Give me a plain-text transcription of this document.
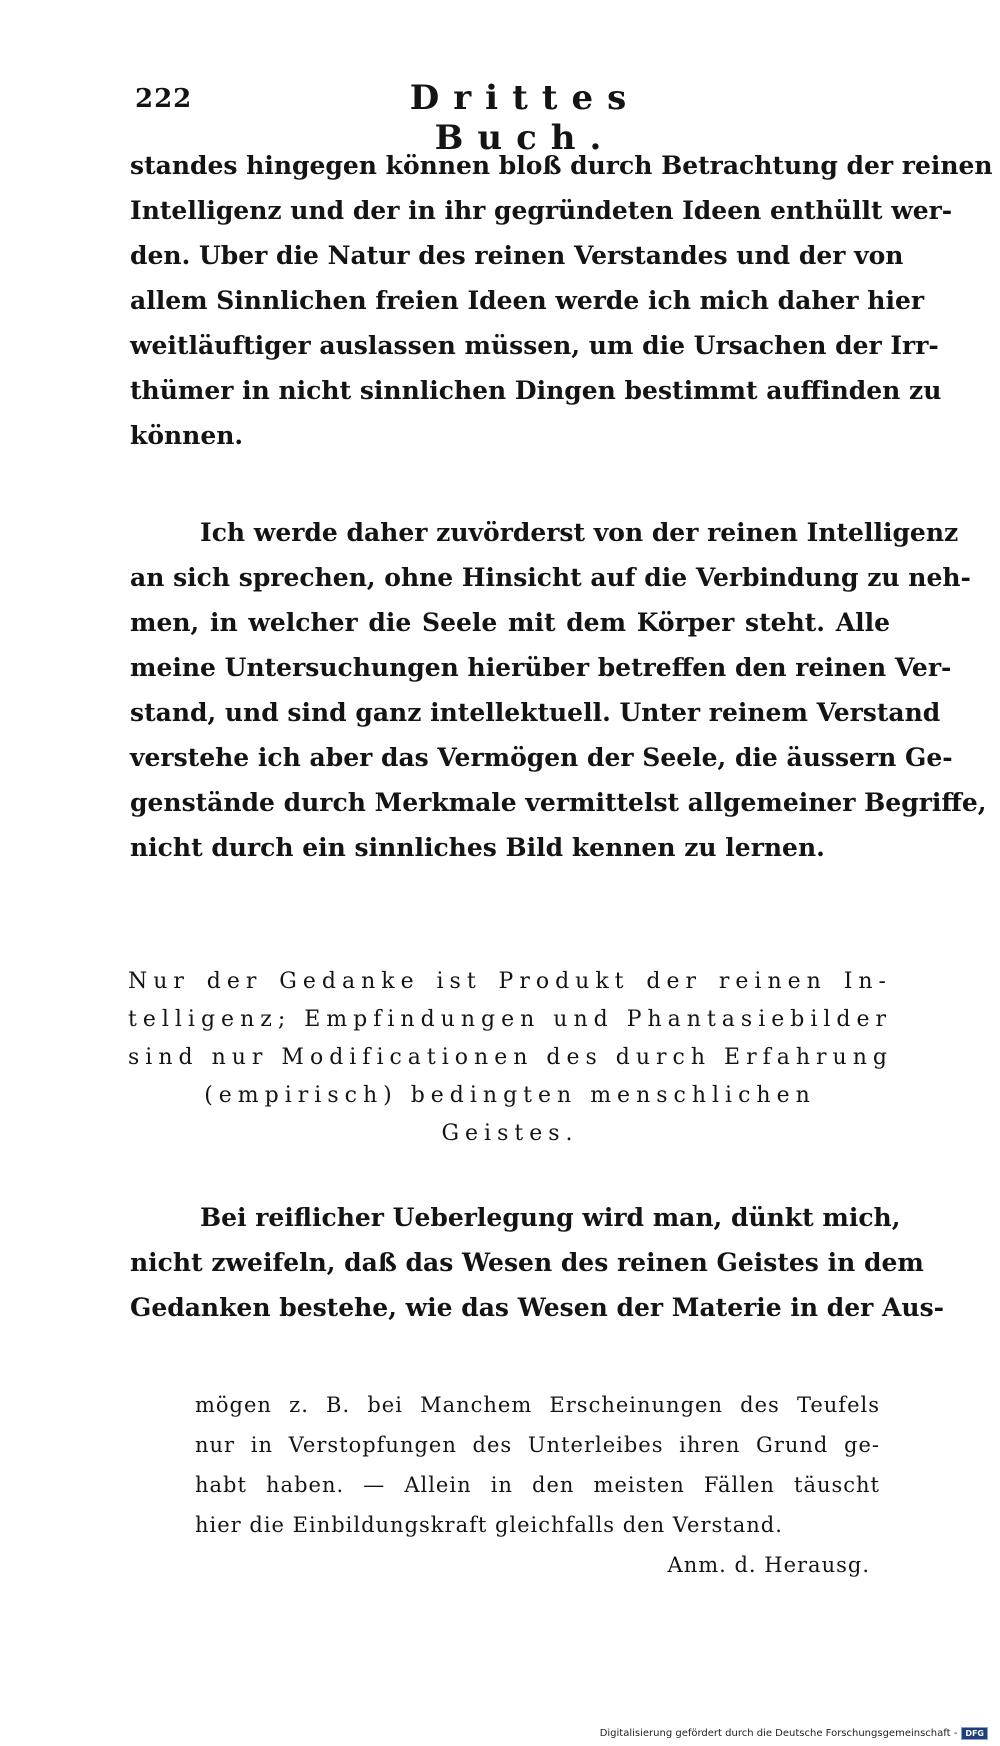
222	Drittes Buch.
standes hingegen können bloß durch Betrachtung der reinen
Intelligenz und der in ihr gegründeten Ideen enthüllt wer-
den. Uber die Natur des reinen Verstandes und der von
allem Sinnlichen freien Ideen werde ich mich daher hier
weitläuftiger auslassen müssen, um die Ursachen der Irr-
thümer in nicht sinnlichen Dingen bestimmt auffinden zu
können.
Ich werde daher zuvörderst von der reinen Intelligenz
an sich sprechen, ohne Hinsicht auf die Verbindung zu neh-
men, in welcher die Seele mit dem Körper steht. Alle
meine Untersuchungen hierüber betreffen den reinen Ver-
stand, und sind ganz intellektuell. Unter reinem Verstand
verstehe ich aber das Vermögen der Seele, die äussern Ge-
genstände durch Merkmale vermittelst allgemeiner Begriffe,
nicht durch ein sinnliches Bild kennen zu lernen.
Nur der Gedanke ist Produkt der reinen In-
telligenz; Empfindungen und Phantasiebilder
sind nur Modificationen des durch Erfahrung
(empirisch) bedingten menschlichen
Geistes.
Bei reiflicher Ueberlegung wird man, dünkt mich,
nicht zweifeln, daß das Wesen des reinen Geistes in dem
Gedanken bestehe, wie das Wesen der Materie in der Aus-
mögen z. B. bei Manchem Erscheinungen des Teufels
nur in Verstopfungen des Unterleibes ihren Grund ge-
habt haben. — Allein in den meisten Fällen täuscht
hier die Einbildungskraft gleichfalls den Verstand.
Anm. d. Herausg.
Digitalisierung gefördert durch die Deutsche Forschungsgemeinschaft -	DFG
